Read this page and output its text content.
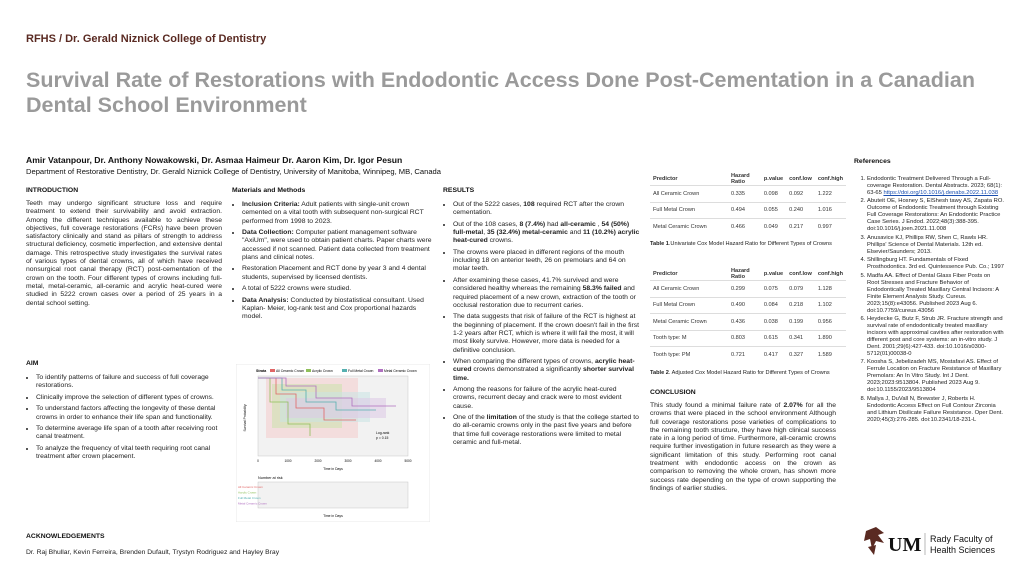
RFHS / Dr. Gerald Niznick College of Dentistry
Survival Rate of Restorations with Endodontic Access Done Post-Cementation in a Canadian Dental School Environment
Amir Vatanpour, Dr. Anthony Nowakowski, Dr. Asmaa Haimeur Dr. Aaron Kim, Dr. Igor Pesun
Department of Restorative Dentistry, Dr. Gerald Niznick College of Dentistry, University of Manitoba, Winnipeg, MB, Canada
INTRODUCTION
Teeth may undergo significant structure loss and require treatment to extend their survivability and avoid extraction. Among the different techniques available to achieve these objectives, full coverage restorations (FCRs) have been proven satisfactory clinically and stand as pillars of strength to address structural deficiency, cosmetic imperfection, and extensive dental damage. This retrospective study investigates the survival rates of various types of dental crowns, all of which have received nonsurgical root canal therapy (RCT) post-cementation of the crown on the tooth. Four different types of crowns including full-metal, metal-ceramic, all-ceramic and acrylic heat-cured were studied in 5222 crown cases over a period of 25 years in a dental school setting.
AIM
• To identify patterns of failure and success of full coverage restorations.
• Clinically improve the selection of different types of crowns.
• To understand factors affecting the longevity of these dental crowns in order to enhance their life span and functionality.
• To determine average life span of a tooth after receiving root canal treatment.
• To analyze the frequency of vital teeth requiring root canal treatment after crown placement.
Materials and Methods
• Inclusion Criteria: Adult patients with single-unit crown cemented on a vital tooth with subsequent non-surgical RCT performed from 1998 to 2023.
• Data Collection: Computer patient management software "AxiUm", were used to obtain patient charts. Paper charts were accessed if not scanned. Patient data collected from treatment plans and clinical notes.
• Restoration Placement and RCT done by year 3 and 4 dental students, supervised by licensed dentists.
• A total of 5222 crowns were studied.
• Data Analysis: Conducted by biostatistical consultant. Used Kaplan- Meier, log-rank test and Cox proportional hazards model.
Strata	All Ceramic Crown Acrylic Crown	Full Metal Crown	Metal Ceramic Crown
Survival Probability
Log-rank
p = 0.15
0	1000	2000	3000	4000	5000
Time in Days
Number at risk
All Ceramic Crown
Acrylic Crown
Full Metal Crown
Metal Ceramic Crown
Time in Days
RESULTS
• Out of the 5222 cases, 108 required RCT after the crown cementation.
• Out of the 108 cases, 8 (7.4%) had all-ceramic , 54 (50%) full-metal, 35 (32.4%) metal-ceramic and 11 (10.2%) acrylic heat-cured crowns.
• The crowns were placed in different regions of the mouth including 18 on anterior teeth, 26 on premolars and 64 on molar teeth.
• After examining these cases, 41.7% survived and were considered healthy whereas the remaining 58.3% failed and required placement of a new crown, extraction of the tooth or occlusal restoration due to recurrent caries.
• The data suggests that risk of failure of the RCT is highest at the beginning of placement. If the crown doesn't fail in the first 1-2 years after RCT, which is where it will fail the most, it will most likely survive. However, more data is needed for a definitive conclusion.
• When comparing the different types of crowns, acrylic heat-cured crowns demonstrated a significantly shorter survival time.
• Among the reasons for failure of the acrylic heat-cured crowns, recurrent decay and crack were to most evident cause.
• One of the limitation of the study is that the college started to do all-ceramic crowns only in the past five years and before that time full coverage restorations were limited to metal ceramic and full-metal.
Predictor	Hazard Ratio	p.value	conf.low	conf.high
All Ceramic Crown	0.335	0.098	0.092	1.222
Full Metal Crown	0.494	0.055	0.240	1.016
Metal Ceramic Crown	0.466	0.049	0.217	0.997
Table 1.Univariate Cox Model Hazard Ratio for Different Types of Crowns
Predictor	Hazard Ratio	p.value	conf.low	conf.high
All Ceramic Crown	0.299	0.075	0.079	1.128
Full Metal Crown	0.490	0.084	0.218	1.102
Metal Ceramic Crown	0.436	0.038	0.199	0.956
Tooth type: M	0.803	0.615	0.341	1.890
Tooth type: PM	0.721	0.417	0.327	1.589
Table 2. Adjusted Cox Model Hazard Ratio for Different Types of Crowns
CONCLUSION
This study found a minimal failure rate of 2.07% for all the crowns that were placed in the school environment Although full coverage restorations pose varieties of complications to the remaining tooth structure, they have high clinical success rate in a long period of time. Furthermore, all-ceramic crowns require further investigation in future research as they were a significant limitation of this study. Performing root canal treatment with endodontic access on the crown as comparison to removing the whole crown, has shown more success rate depending on the type of crown supporting the findings of earlier studies.
References
1. Endodontic Treatment Delivered Through a Full- coverage Restoration. Dental Abstracts. 2023; 68(1): 63-65 https://doi.org/10.1016/j.denabs.2022.11.038
2. Abuteit OE, Hosney S, ElShesh tawy AS, Zapata RO. Outcome of Endodontic Treatment through Existing Full Coverage Restorations: An Endodontic Practice Case Series. J Endod. 2022;48(3):388-395. doi:10.1016/j.joen.2021.11.008
3. Anusavice KJ, Phillips RW, Shen C, Rawls HR. Phillips' Science of Dental Materials. 12th ed. Elsevier/Saunders; 2013.
4. Shillingburg HT. Fundamentals of Fixed Prosthodontics. 3rd ed. Quintessence Pub. Co.; 1997
5. Madfa AA. Effect of Dental Glass Fiber Posts on Root Stresses and Fracture Behavior of Endodontically Treated Maxillary Central Incisors: A Finite Element Analysis Study. Cureus. 2023;15(8):e43056. Published 2023 Aug 6. doi:10.7759/cureus.43056
6. Heydecke G, Butz F, Strub JR. Fracture strength and survival rate of endodontically treated maxillary incisors with approximal cavities after restoration with different post and core systems: an in-vitro study. J Dent. 2001;29(6):427-433. doi:10.1016/s0300-5712(01)00038-0
7. Koosha S, Jebelizadeh MS, Mostafavi AS. Effect of Ferrule Location on Fracture Resistance of Maxillary Premolars: An In Vitro Study. Int J Dent. 2023;2023:9513804. Published 2023 Aug 9. doi:10.1155/2023/9513804
8. Mallya J, DuVall N, Brewster J, Roberts H. Endodontic Access Effect on Full Contour Zirconia and Lithium Disilicate Failure Resistance. Oper Dent. 2020;45(3):276-285. doi:10.2341/18-231-L
ACKNOWLEDGEMENTS
Dr. Raj Bhullar, Kevin Ferreira, Brenden Dufault, Trystyn Rodriguez and Hayley Bray	UM Rady Faculty of
Health Sciences
